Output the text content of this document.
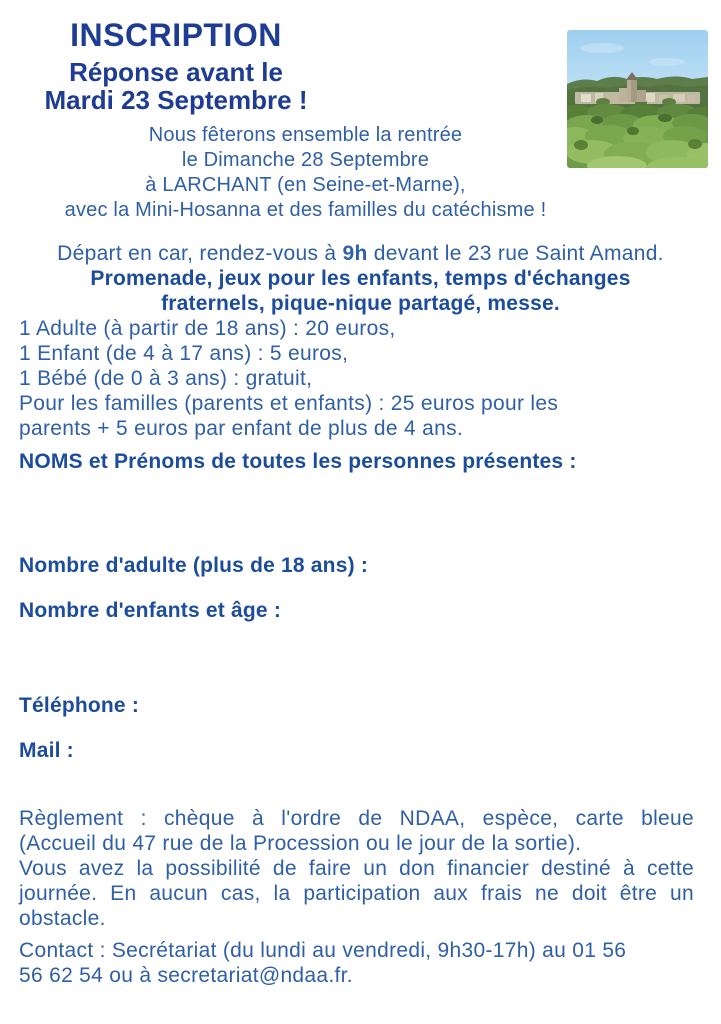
INSCRIPTION
Réponse avant le
Mardi 23 Septembre !
Nous fêterons ensemble la rentrée
le Dimanche 28 Septembre
à LARCHANT (en Seine-et-Marne),
avec la Mini-Hosanna et des familles du catéchisme !

Départ en car, rendez-vous à 9h devant le 23 rue Saint Amand.

Promenade, jeux pour les enfants, temps d'échanges
fraternels, pique-nique partagé, messe.

1 Adulte (à partir de 18 ans) : 20 euros,
1 Enfant (de 4 à 17 ans) : 5 euros,
1 Bébé (de 0 à 3 ans) : gratuit,
Pour les familles (parents et enfants) : 25 euros pour les
parents + 5 euros par enfant de plus de 4 ans.
NOMS et Prénoms de toutes les personnes présentes :
Nombre d'adulte (plus de 18 ans) :
Nombre d'enfants et âge :
Téléphone :
Mail :
Règlement : chèque à l'ordre de NDAA, espèce, carte bleue
(Accueil du 47 rue de la Procession ou le jour de la sortie).
Vous avez la possibilité de faire un don financier destiné à cette
journée. En aucun cas, la participation aux frais ne doit être un
obstacle.
Contact : Secrétariat (du lundi au vendredi, 9h30-17h) au 01 56
56 62 54 ou à secretariat@ndaa.fr.
